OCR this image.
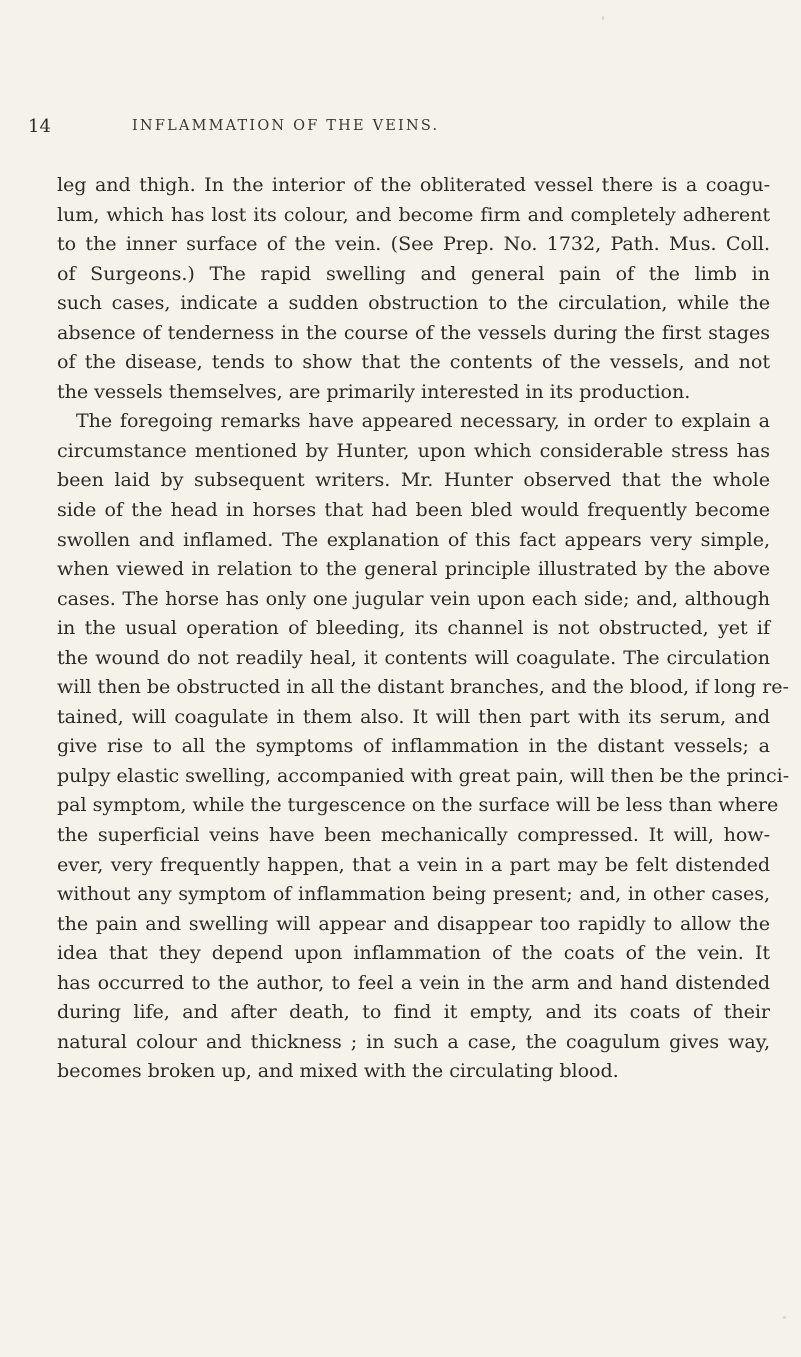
14	INFLAMMATION OF THE VEINS.

leg and thigh. In the interior of the obliterated vessel there is a coagu-
lum, which has lost its colour, and become firm and completely adherent
to the inner surface of the vein. (See Prep. No. 1732, Path. Mus. Coll.
of Surgeons.) The rapid swelling and general pain of the limb in
such cases, indicate a sudden obstruction to the circulation, while the
absence of tenderness in the course of the vessels during the first stages
of the disease, tends to show that the contents of the vessels, and not
the vessels themselves, are primarily interested in its production.

The foregoing remarks have appeared necessary, in order to explain a
circumstance mentioned by Hunter, upon which considerable stress has
been laid by subsequent writers. Mr. Hunter observed that the whole
side of the head in horses that had been bled would frequently become
swollen and inflamed. The explanation of this fact appears very simple,
when viewed in relation to the general principle illustrated by the above
cases. The horse has only one jugular vein upon each side; and, although
in the usual operation of bleeding, its channel is not obstructed, yet if
the wound do not readily heal, it contents will coagulate. The circulation
will then be obstructed in all the distant branches, and the blood, if long re-
tained, will coagulate in them also. It will then part with its serum, and
give rise to all the symptoms of inflammation in the distant vessels; a
pulpy elastic swelling, accompanied with great pain, will then be the princi-
pal symptom, while the turgescence on the surface will be less than where
the superficial veins have been mechanically compressed. It will, how-
ever, very frequently happen, that a vein in a part may be felt distended
without any symptom of inflammation being present; and, in other cases,
the pain and swelling will appear and disappear too rapidly to allow the
idea that they depend upon inflammation of the coats of the vein. It
has occurred to the author, to feel a vein in the arm and hand distended
during life, and after death, to find it empty, and its coats of their
natural colour and thickness ; in such a case, the coagulum gives way,
becomes broken up, and mixed with the circulating blood.
